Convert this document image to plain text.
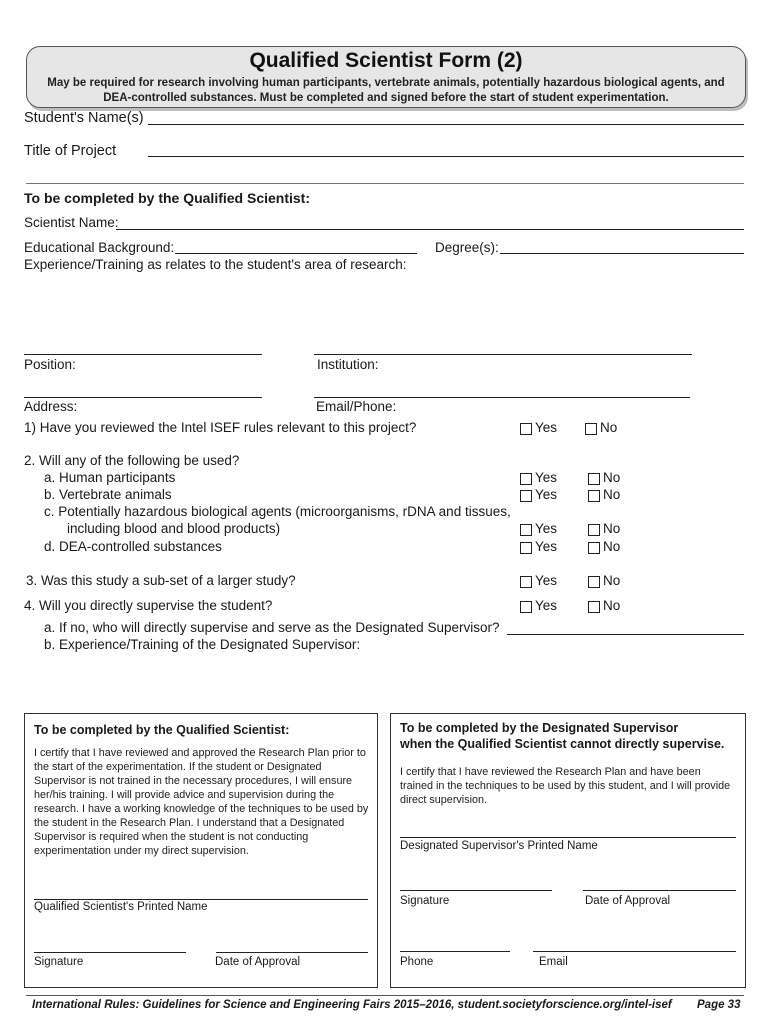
Qualified Scientist Form (2)
May be required for research involving human participants, vertebrate animals, potentially hazardous biological agents, and
DEA-controlled substances. Must be completed and signed before the start of student experimentation.
Student's Name(s)
Title of Project
To be completed by the Qualified Scientist:
Scientist Name:
Educational Background:	Degree(s):
Experience/Training as relates to the student's area of research:
Position:	Institution:
Address:	Email/Phone:
1) Have you reviewed the Intel ISEF rules relevant to this project?	Yes	No
2. Will any of the following be used?
a. Human participants	Yes	No
b. Vertebrate animals	Yes	No
c. Potentially hazardous biological agents (microorganisms, rDNA and tissues,
including blood and blood products)	Yes	No
d. DEA-controlled substances	Yes	No
3. Was this study a sub-set of a larger study?	Yes	No
4. Will you directly supervise the student?	Yes	No
a. If no, who will directly supervise and serve as the Designated Supervisor?
b. Experience/Training of the Designated Supervisor:
To be completed by the Qualified Scientist:
I certify that I have reviewed and approved the Research Plan prior to the start of the experimentation. If the student or Designated Supervisor is not trained in the necessary procedures, I will ensure her/his training. I will provide advice and supervision during the research. I have a working knowledge of the techniques to be used by the student in the Research Plan. I understand that a Designated Supervisor is required when the student is not conducting experimentation under my direct supervision.
Qualified Scientist's Printed Name
Signature	Date of Approval
To be completed by the Designated Supervisor
when the Qualified Scientist cannot directly supervise.
I certify that I have reviewed the Research Plan and have been trained in the techniques to be used by this student, and I will provide direct supervision.
Designated Supervisor's Printed Name
Signature	Date of Approval
Phone	Email
International Rules: Guidelines for Science and Engineering Fairs 2015–2016, student.societyforscience.org/intel-isef Page 33
